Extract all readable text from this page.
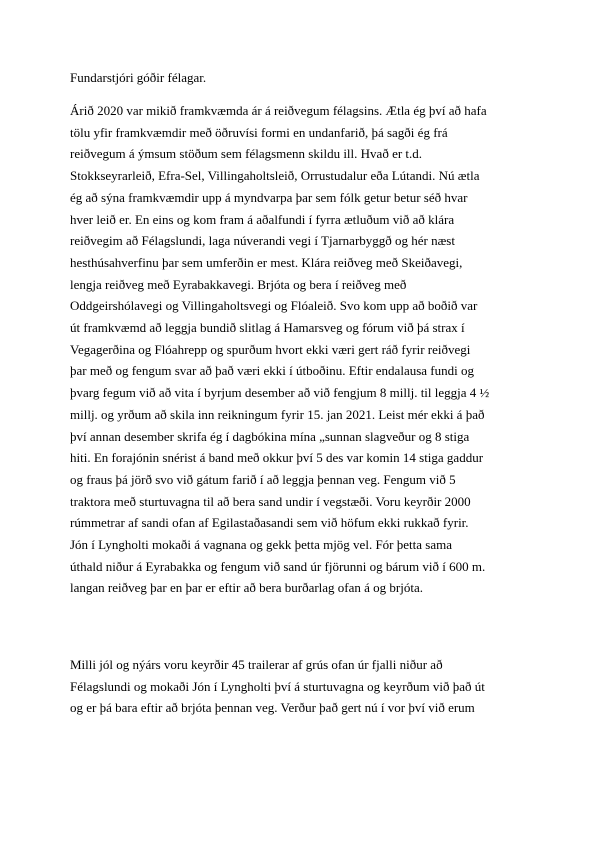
Fundarstjóri góðir félagar.
Árið 2020 var mikið framkvæmda ár á reiðvegum félagsins. Ætla ég því að hafa
tölu yfir framkvæmdir með öðruvísi formi en undanfarið, þá sagði ég frá
reiðvegum á ýmsum stöðum sem félagsmenn skildu ill. Hvað er t.d.
Stokkseyrarleið, Efra-Sel, Villingaholtsleið, Orrustudalur eða Lútandi. Nú ætla
ég að sýna framkvæmdir upp á myndvarpa þar sem fólk getur betur séð hvar
hver leið er. En eins og kom fram á aðalfundi í fyrra ætluðum við að klára
reiðvegim að Félagslundi, laga núverandi vegi í Tjarnarbyggð og hér næst
hesthúsahverfinu þar sem umferðin er mest. Klára reiðveg með Skeiðavegi,
lengja reiðveg með Eyrabakkavegi. Brjóta og bera í reiðveg með
Oddgeirshólavegi og Villingaholtsvegi og Flóaleið. Svo kom upp að boðið var
út framkvæmd að leggja bundið slitlag á Hamarsveg og fórum við þá strax í
Vegagerðina og Flóahrepp og spurðum hvort ekki væri gert ráð fyrir reiðvegi
þar með og fengum svar að það væri ekki í útboðinu. Eftir endalausa fundi og
þvarg fegum við að vita í byrjum desember að við fengjum 8 millj. til leggja 4 ½
millj. og yrðum að skila inn reikningum fyrir 15. jan 2021. Leist mér ekki á það
því annan desember skrifa ég í dagbókina mína „sunnan slagveður og 8 stiga
hiti. En forajónin snérist á band með okkur því 5 des var komin 14 stiga gaddur
og fraus þá jörð svo við gátum farið í að leggja þennan veg. Fengum við 5
traktora með sturtuvagna til að bera sand undir í vegstæði. Voru keyrðir 2000
rúmmetrar af sandi ofan af Egilastaðasandi sem við höfum ekki rukkað fyrir.
Jón í Lyngholti mokaði á vagnana og gekk þetta mjög vel. Fór þetta sama
úthald niður á Eyrabakka og fengum við sand úr fjörunni og bárum við í 600 m.
langan reiðveg þar en þar er eftir að bera burðarlag ofan á og brjóta.
Milli jól og nýárs voru keyrðir 45 trailerar af grús ofan úr fjalli niður að
Félagslundi og mokaði Jón í Lyngholti því á sturtuvagna og keyrðum við það út
og er þá bara eftir að brjóta þennan veg. Verður það gert nú í vor því við erum
